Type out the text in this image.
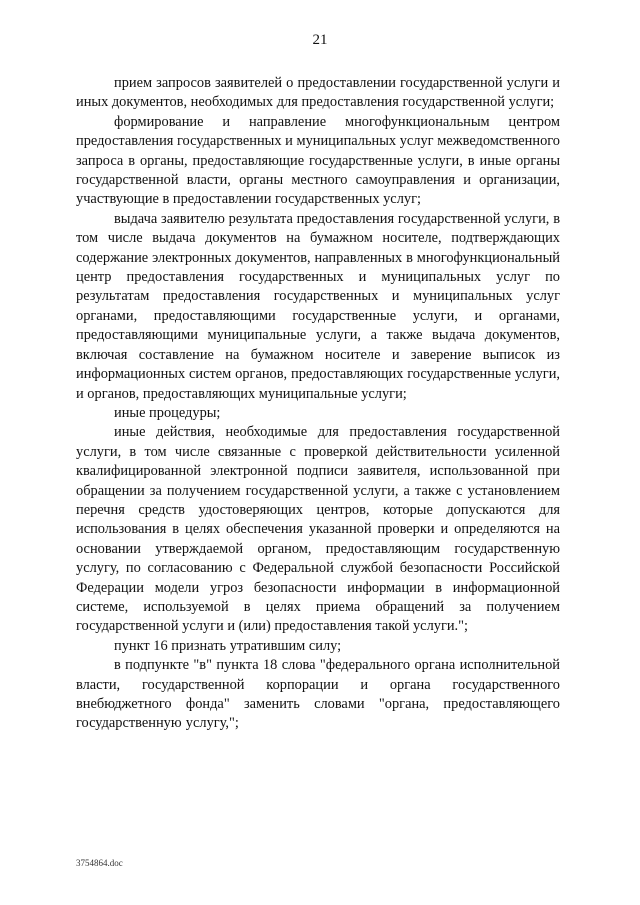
21

прием запросов заявителей о предоставлении государственной услуги и иных документов, необходимых для предоставления государственной услуги;

формирование и направление многофункциональным центром предоставления государственных и муниципальных услуг межведомственного запроса в органы, предоставляющие государственные услуги, в иные органы государственной власти, органы местного самоуправления и организации, участвующие в предоставлении государственных услуг;

выдача заявителю результата предоставления государственной услуги, в том числе выдача документов на бумажном носителе, подтверждающих содержание электронных документов, направленных в многофункциональный центр предоставления государственных и муниципальных услуг по результатам предоставления государственных и муниципальных услуг органами, предоставляющими государственные услуги, и органами, предоставляющими муниципальные услуги, а также выдача документов, включая составление на бумажном носителе и заверение выписок из информационных систем органов, предоставляющих государственные услуги, и органов, предоставляющих муниципальные услуги;

иные процедуры;

иные действия, необходимые для предоставления государственной услуги, в том числе связанные с проверкой действительности усиленной квалифицированной электронной подписи заявителя, использованной при обращении за получением государственной услуги, а также с установлением перечня средств удостоверяющих центров, которые допускаются для использования в целях обеспечения указанной проверки и определяются на основании утверждаемой органом, предоставляющим государственную услугу, по согласованию с Федеральной службой безопасности Российской Федерации модели угроз безопасности информации в информационной системе, используемой в целях приема обращений за получением государственной услуги и (или) предоставления такой услуги.";

пункт 16 признать утратившим силу;

в подпункте "в" пункта 18 слова "федерального органа исполнительной власти, государственной корпорации и органа государственного внебюджетного фонда" заменить словами "органа, предоставляющего государственную услугу,";

3754864.doc
